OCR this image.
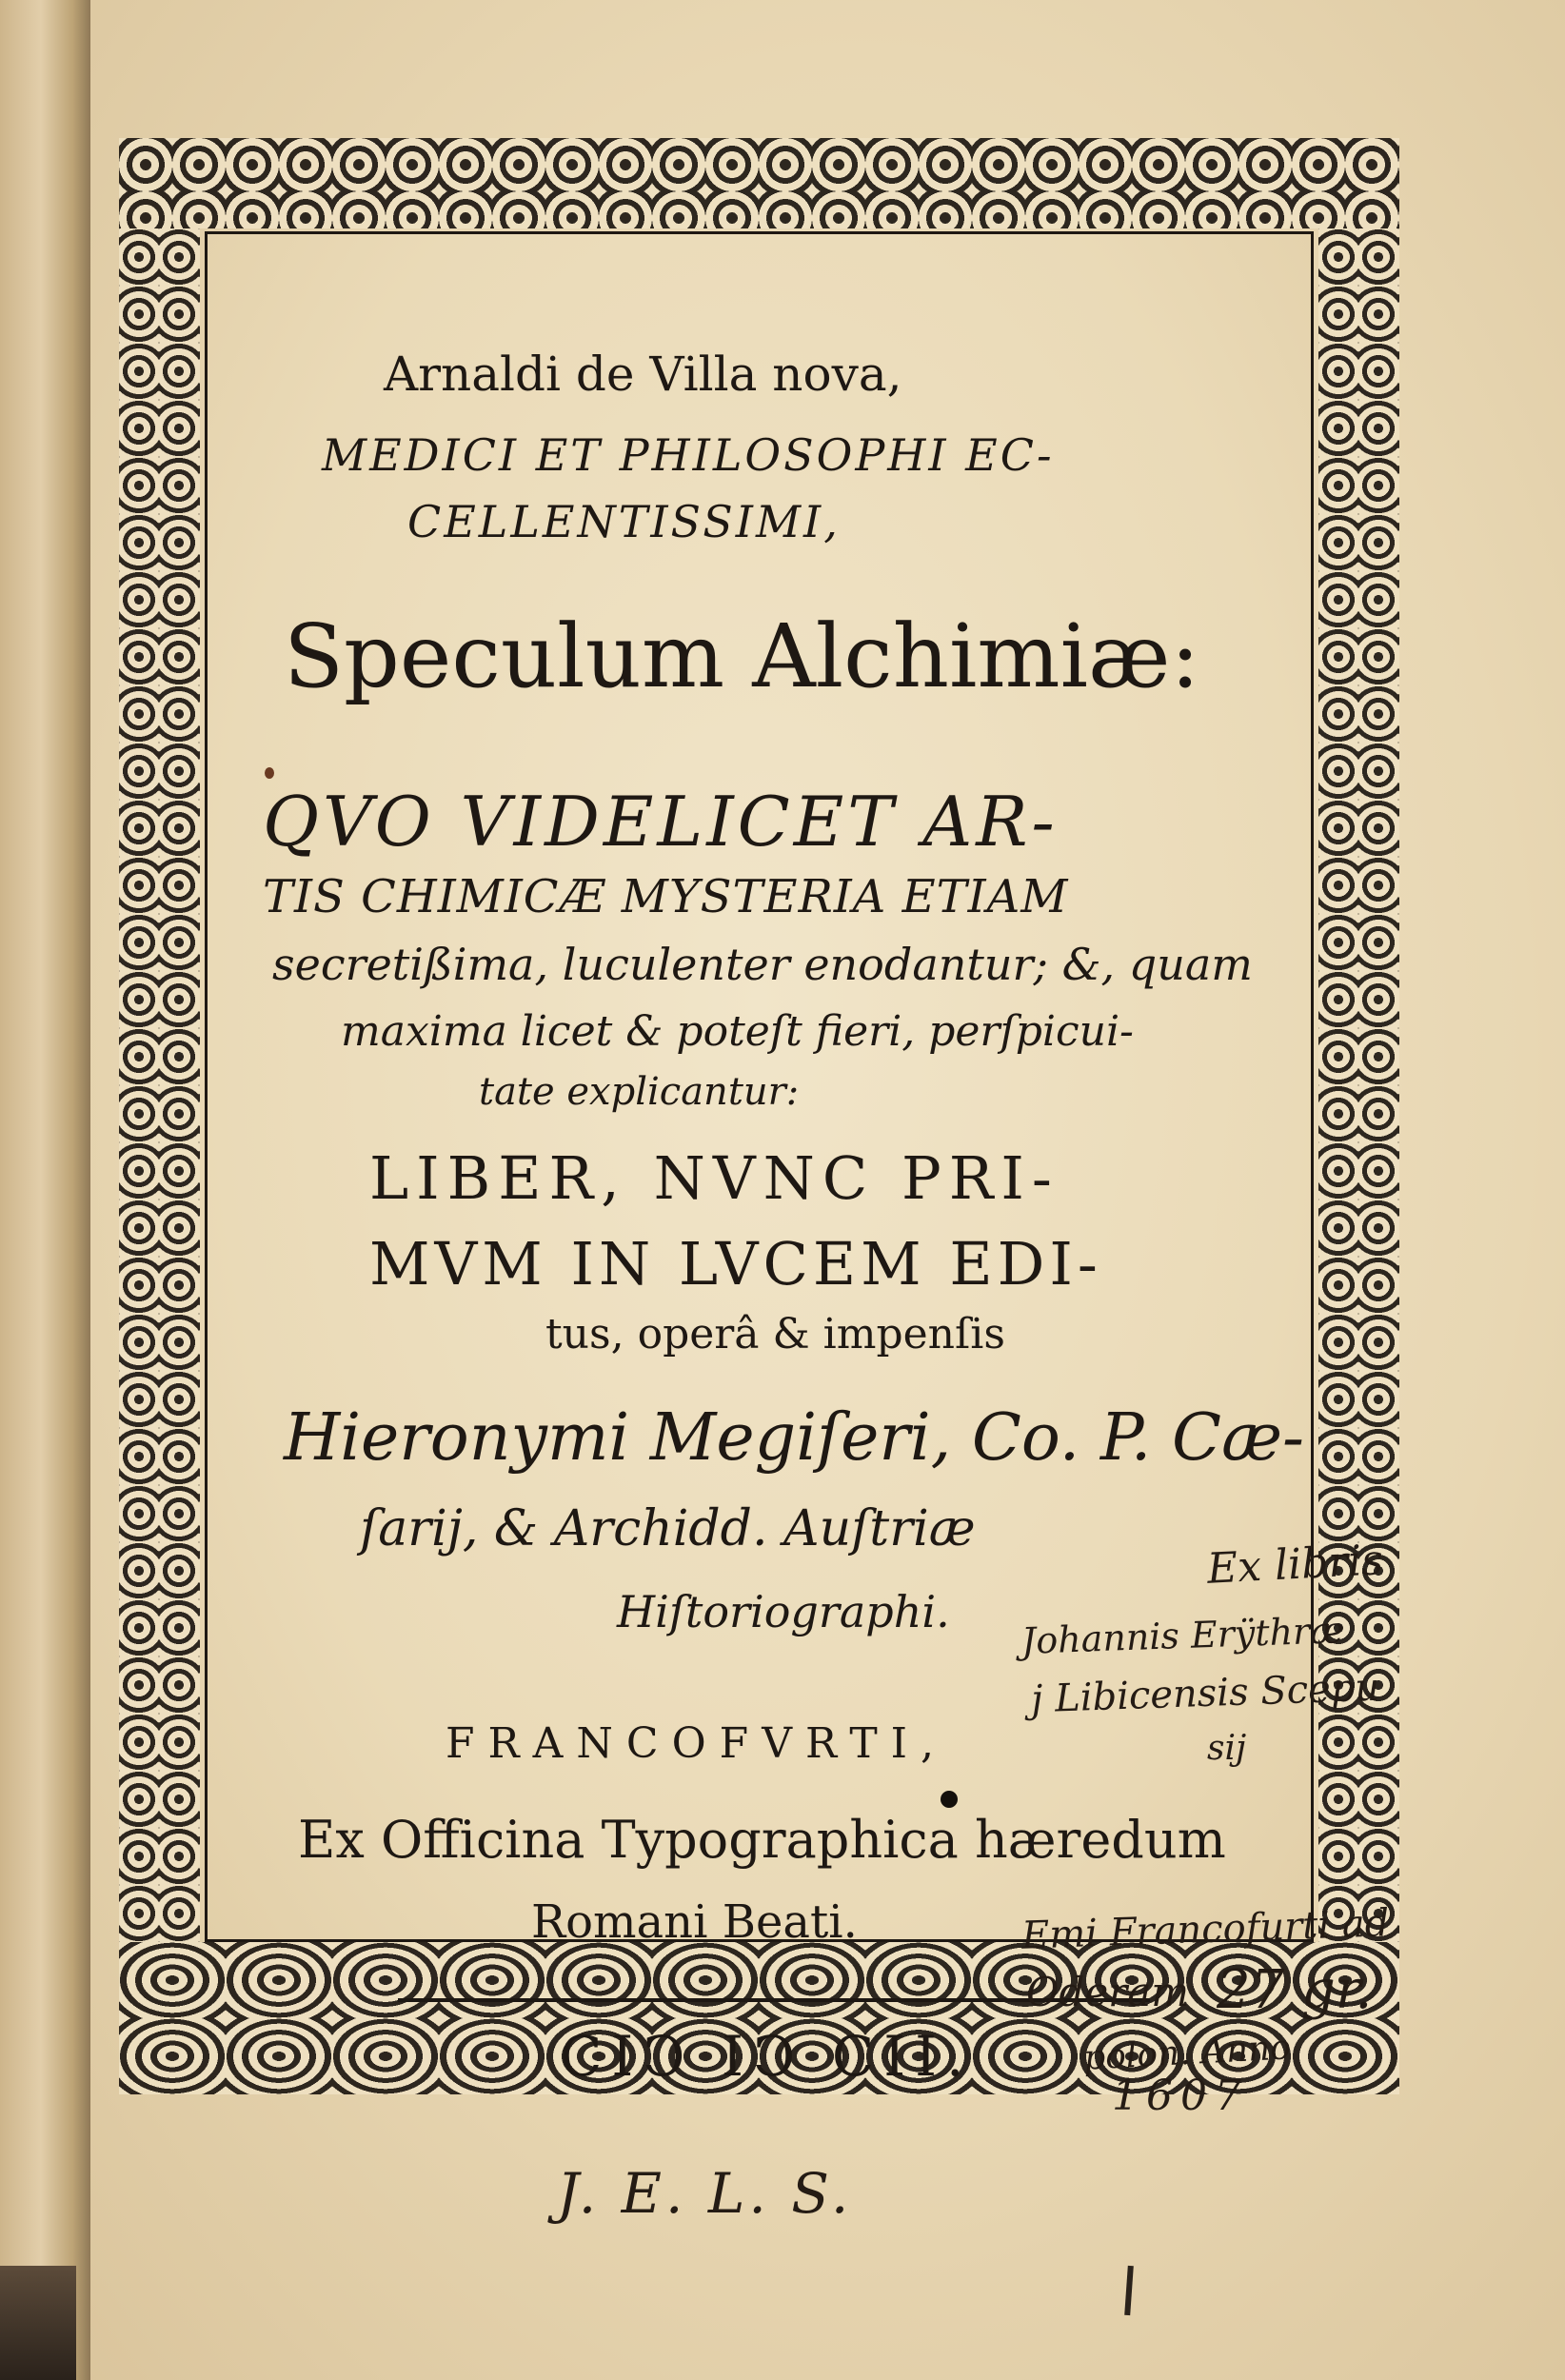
Arnaldi de Villa nova,
MEDICI ET PHILOSOPHI EC-
CELLENTISSIMI,
Speculum Alchimiæ:
QVO VIDELICET AR-
TIS CHIMICÆ MYSTERIA ETIAM
secretißima, luculenter enodantur; &, quam
maxima licet & poteſt fieri, perſpicui-
tate explicantur:
LIBER, NVNC PRI-
MVM IN LVCEM EDI-
tus, operâ & impenſis
Hieronymi Megiſeri, Co. P. Cæ-
ſarij, & Archidd. Auſtriæ
Hiſtoriographi.
FRANCOFVRTI,
Ex Officina Typographica hæredum
Romani Beati.
CIↃ IↃ CII.
Ex libris
Johannis Erÿthræ
j Libicensis Scepu
sij
Emi Francofurti ad
Oderam 27 gr.
polon. Anno
1607
J. E. L. S.
